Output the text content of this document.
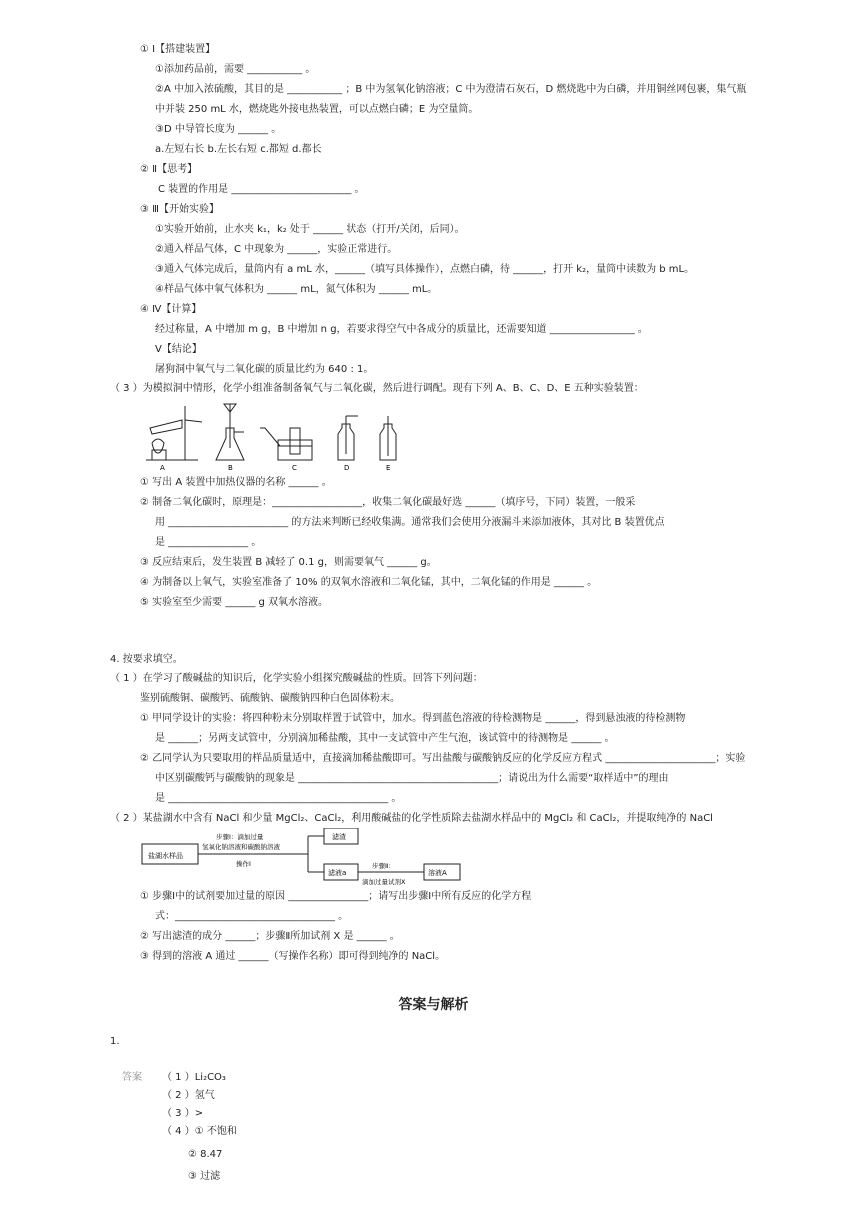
① Ⅰ【搭建装置】
①添加药品前，需要 ___________ 。
②A 中加入浓硫酸，其目的是 ___________ ；B 中为氢氧化钠溶液；C 中为澄清石灰石，D 燃烧匙中为白磷，并用铜丝网包裹，集气瓶
中并装 250 mL 水，燃烧匙外接电热装置，可以点燃白磷；E 为空量筒。
③D 中导管长度为 ______ 。
a.左短右长 b.左长右短 c.都短 d.都长
② Ⅱ【思考】
C 装置的作用是 ________________________ 。
③ Ⅲ【开始实验】
①实验开始前，止水夹 k₁，k₂ 处于 ______ 状态（打开/关闭，后同）。
②通入样品气体，C 中现象为 ______，实验正常进行。
③通入气体完成后，量筒内有 a mL 水，______（填写具体操作），点燃白磷，待 ______，打开 k₂，量筒中读数为 b mL。
④样品气体中氧气体积为 ______ mL，氮气体积为 ______ mL。
④ Ⅳ【计算】
经过称量，A 中增加 m g，B 中增加 n g，若要求得空气中各成分的质量比，还需要知道 _________________ 。
Ⅴ【结论】
屠狗洞中氧气与二氧化碳的质量比约为 640 : 1。
（ 3 ）为模拟洞中情形，化学小组准备制备氧气与二氧化碳，然后进行调配。现有下列 A、B、C、D、E 五种实验装置：
A	B	C	D	E
① 写出 A 装置中加热仪器的名称 ______ 。
② 制备二氧化碳时，原理是：__________________，收集二氧化碳最好选 ______（填序号，下同）装置，一般采
用 ________________________ 的方法来判断已经收集满。通常我们会使用分液漏斗来添加液体，其对比 B 装置优点
是 ________________ 。
③ 反应结束后，发生装置 B 减轻了 0.1 g，则需要氧气 ______ g。
④ 为制备以上氧气，实验室准备了 10% 的双氧水溶液和二氧化锰，其中，二氧化锰的作用是 ______ 。
⑤ 实验室至少需要 ______ g 双氧水溶液。
4. 按要求填空。
（ 1 ）在学习了酸碱盐的知识后，化学实验小组探究酸碱盐的性质。回答下列问题：
鉴别硫酸铜、碳酸钙、硫酸钠、碳酸钠四种白色固体粉末。
① 甲同学设计的实验：将四种粉末分别取样置于试管中，加水。得到蓝色溶液的待检测物是 ______，得到悬浊液的待检测物
是 ______；另两支试管中，分别滴加稀盐酸，其中一支试管中产生气泡，该试管中的待测物是 ______ 。
② 乙同学认为只要取用的样品质量适中，直接滴加稀盐酸即可。写出盐酸与碳酸钠反应的化学反应方程式 ______________________；实验
中区别碳酸钙与碳酸钠的现象是 ________________________________________；请说出为什么需要“取样适中”的理由
是 ____________________________________________ 。
（ 2 ）某盐湖水中含有 NaCl 和少量 MgCl₂、CaCl₂，利用酸碱盐的化学性质除去盐湖水样品中的 MgCl₂ 和 CaCl₂，并提取纯净的 NaCl
盐湖水样品
步骤Ⅰ：滴加过量
氢氧化钠溶液和碳酸钠溶液
操作Ⅰ
滤渣
滤液a
步骤Ⅱ：
滴加过量试剂X
溶液A
① 步骤Ⅰ中的试剂要加过量的原因 ________________；请写出步骤Ⅰ中所有反应的化学方程
式：________________________________ 。
② 写出滤渣的成分 ______；步骤Ⅱ所加试剂 X 是 ______ 。
③ 得到的溶液 A 通过 ______（写操作名称）即可得到纯净的 NaCl。
答案与解析
1.
答案 （ 1 ）Li₂CO₃
（ 2 ）氢气
（ 3 ）>
（ 4 ）① 不饱和
② 8.47
③ 过滤
